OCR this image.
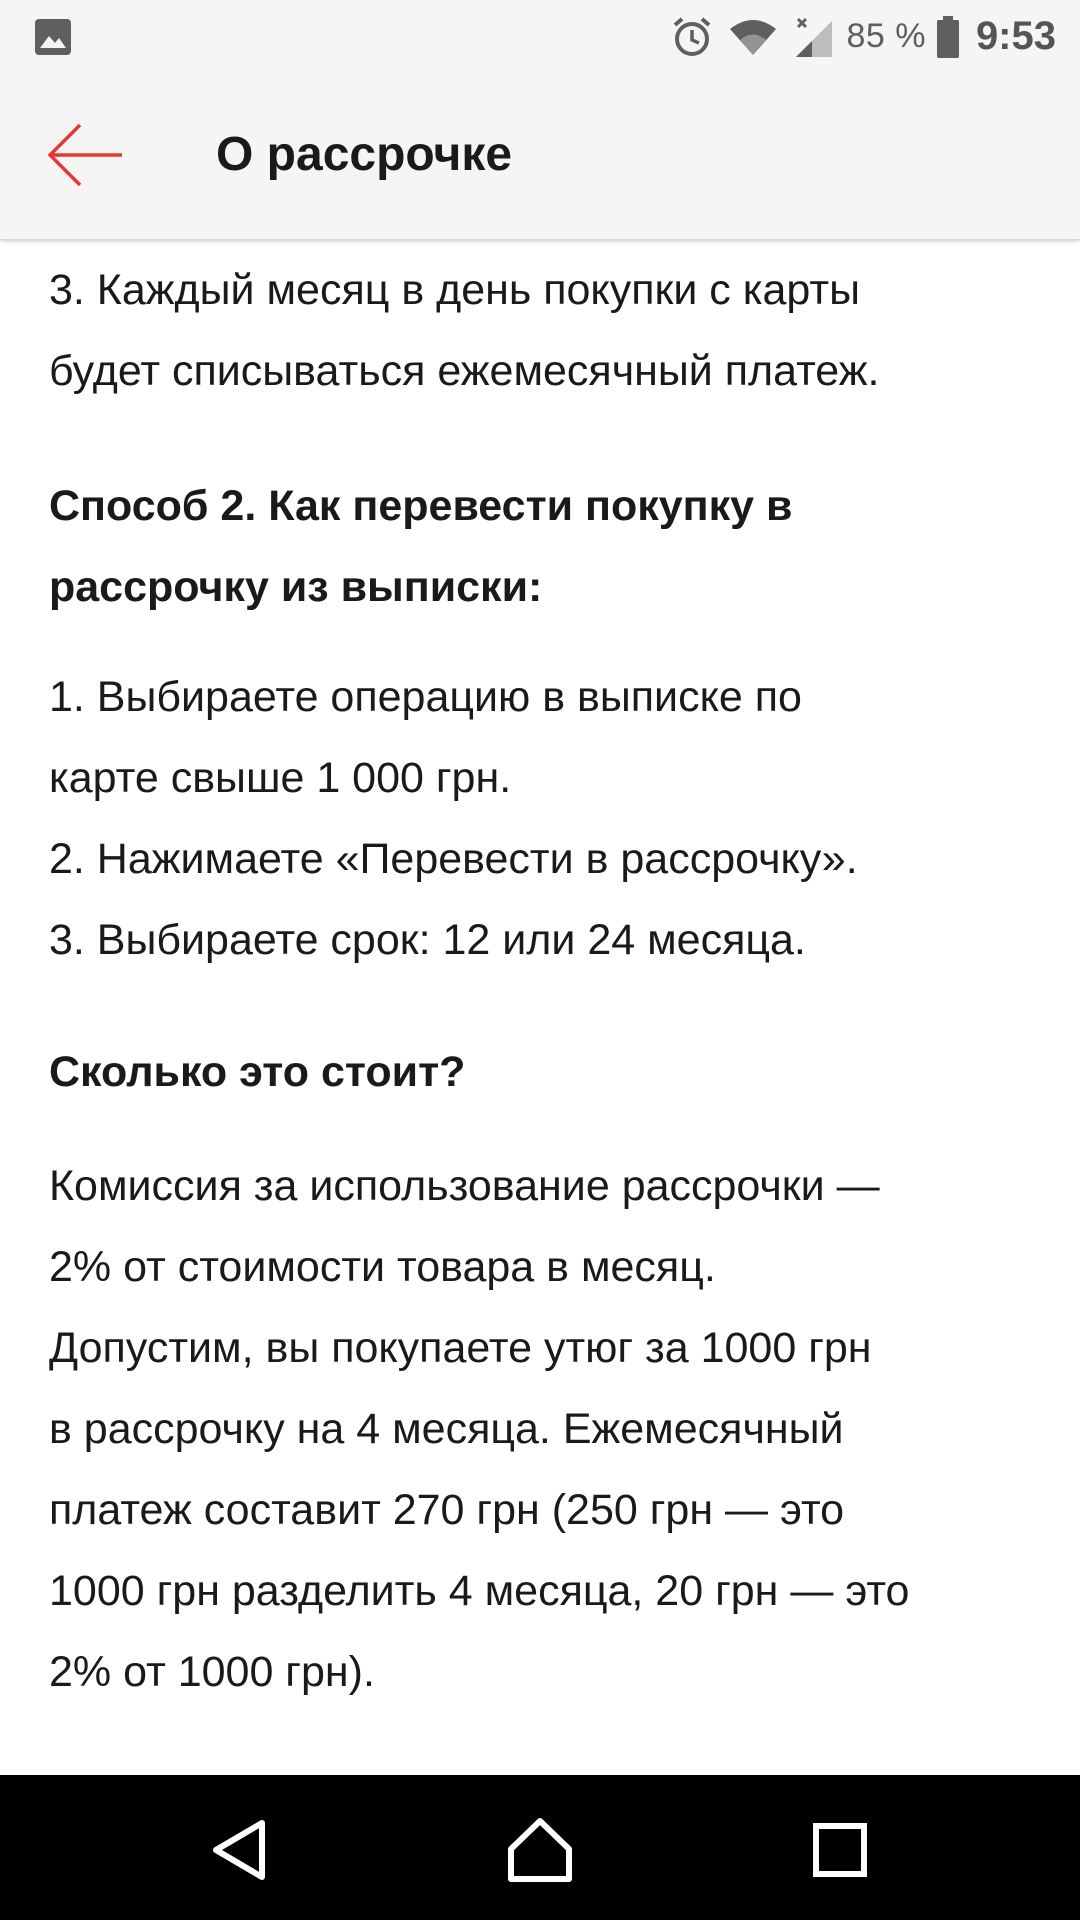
85 % 9:53
О рассрочке

3. Каждый месяц в день покупки с карты

будет списываться ежемесячный платеж.

Способ 2. Как перевести покупку в

рассрочку из выписки:

1. Выбираете операцию в выписке по

карте свыше 1 000 грн.

2. Нажимаете «Перевести в рассрочку».

3. Выбираете срок: 12 или 24 месяца.

Сколько это стоит?

Комиссия за использование рассрочки —

2% от стоимости товара в месяц.

Допустим, вы покупаете утюг за 1000 грн

в рассрочку на 4 месяца. Ежемесячный

платеж составит 270 грн (250 грн — это

1000 грн разделить 4 месяца, 20 грн — это

2% от 1000 грн).
